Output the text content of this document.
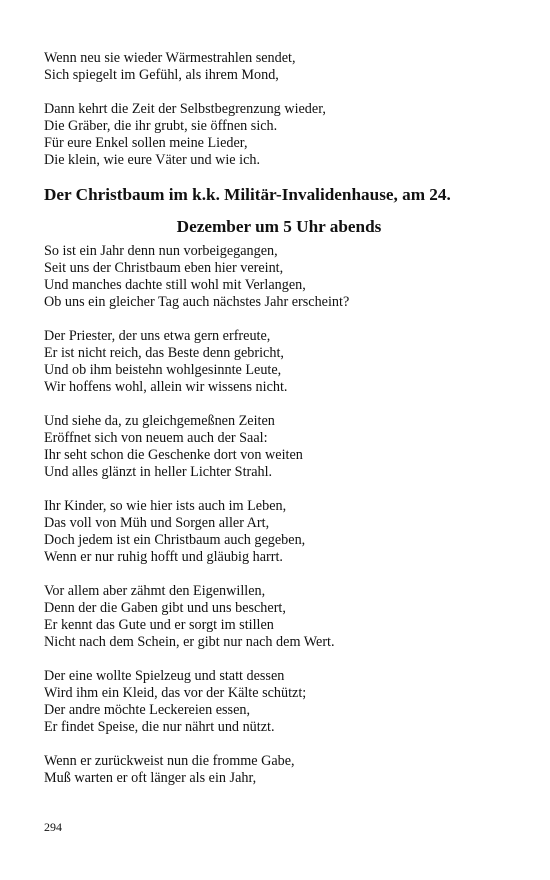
Wenn neu sie wieder Wärmestrahlen sendet,
Sich spiegelt im Gefühl, als ihrem Mond,
Dann kehrt die Zeit der Selbstbegrenzung wieder,
Die Gräber, die ihr grubt, sie öffnen sich.
Für eure Enkel sollen meine Lieder,
Die klein, wie eure Väter und wie ich.
Der Christbaum im k.k. Militär-Invalidenhause, am 24.
Dezember um 5 Uhr abends
So ist ein Jahr denn nun vorbeigegangen,
Seit uns der Christbaum eben hier vereint,
Und manches dachte still wohl mit Verlangen,
Ob uns ein gleicher Tag auch nächstes Jahr erscheint?
Der Priester, der uns etwa gern erfreute,
Er ist nicht reich, das Beste denn gebricht,
Und ob ihm beistehn wohlgesinnte Leute,
Wir hoffens wohl, allein wir wissens nicht.
Und siehe da, zu gleichgemeßnen Zeiten
Eröffnet sich von neuem auch der Saal:
Ihr seht schon die Geschenke dort von weiten
Und alles glänzt in heller Lichter Strahl.
Ihr Kinder, so wie hier ists auch im Leben,
Das voll von Müh und Sorgen aller Art,
Doch jedem ist ein Christbaum auch gegeben,
Wenn er nur ruhig hofft und gläubig harrt.
Vor allem aber zähmt den Eigenwillen,
Denn der die Gaben gibt und uns beschert,
Er kennt das Gute und er sorgt im stillen
Nicht nach dem Schein, er gibt nur nach dem Wert.
Der eine wollte Spielzeug und statt dessen
Wird ihm ein Kleid, das vor der Kälte schützt;
Der andre möchte Leckereien essen,
Er findet Speise, die nur nährt und nützt.
Wenn er zurückweist nun die fromme Gabe,
Muß warten er oft länger als ein Jahr,
294
